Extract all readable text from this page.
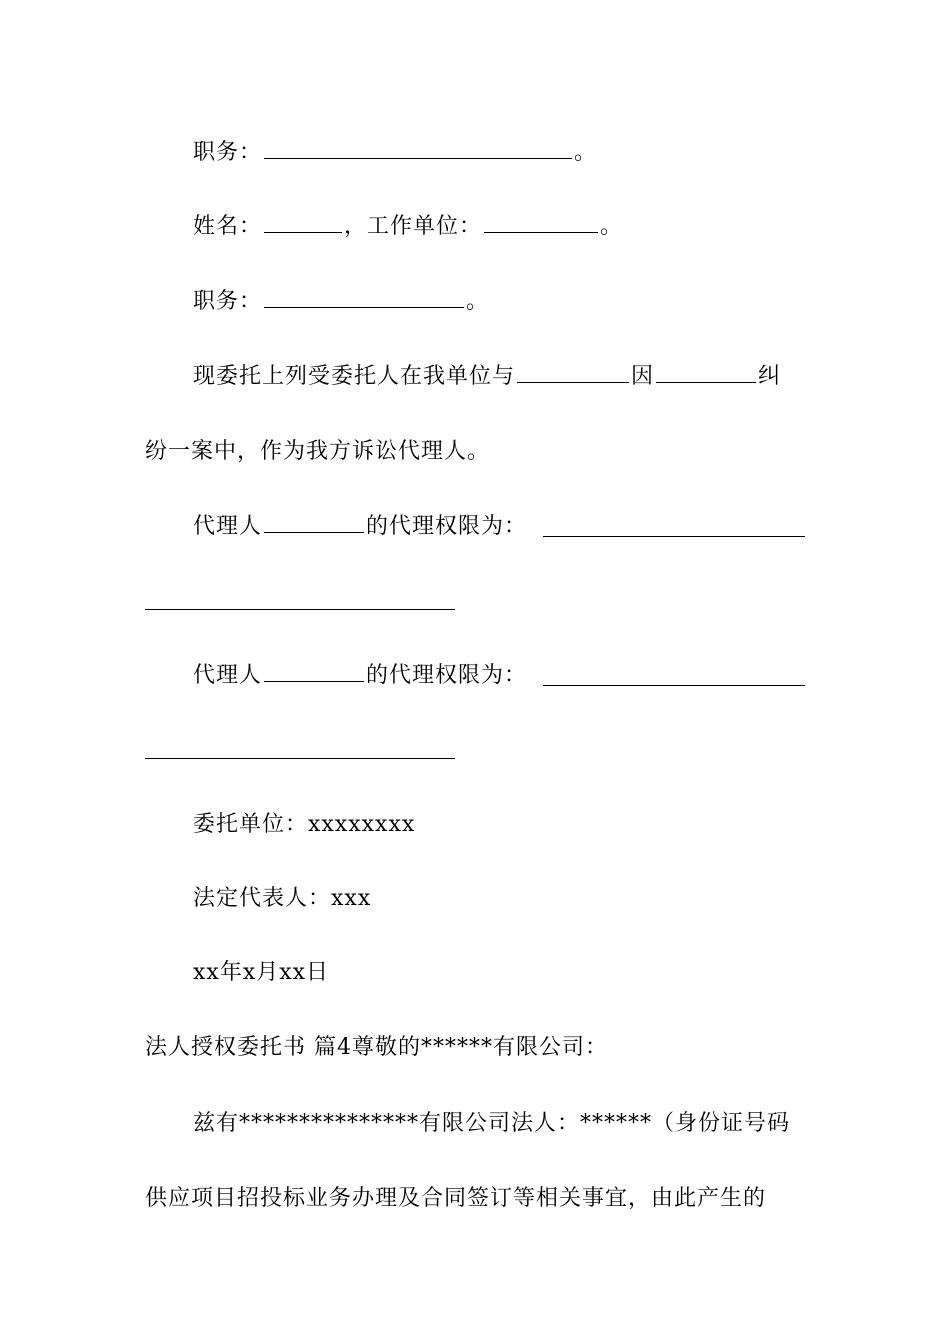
职务：	。
姓名：	，工作单位：	。
职务：	。
现委托上列受委托人在我单位与	因	纠
纷一案中，作为我方诉讼代理人。
代理人	的代理权限为：
代理人	的代理权限为：
委托单位：xxxxxxxx
法定代表人：xxx
xx年x月xx日
法人授权委托书 篇4尊敬的******有限公司：
兹有***************有限公司法人：******（身份证号码
供应项目招投标业务办理及合同签订等相关事宜，由此产生的
